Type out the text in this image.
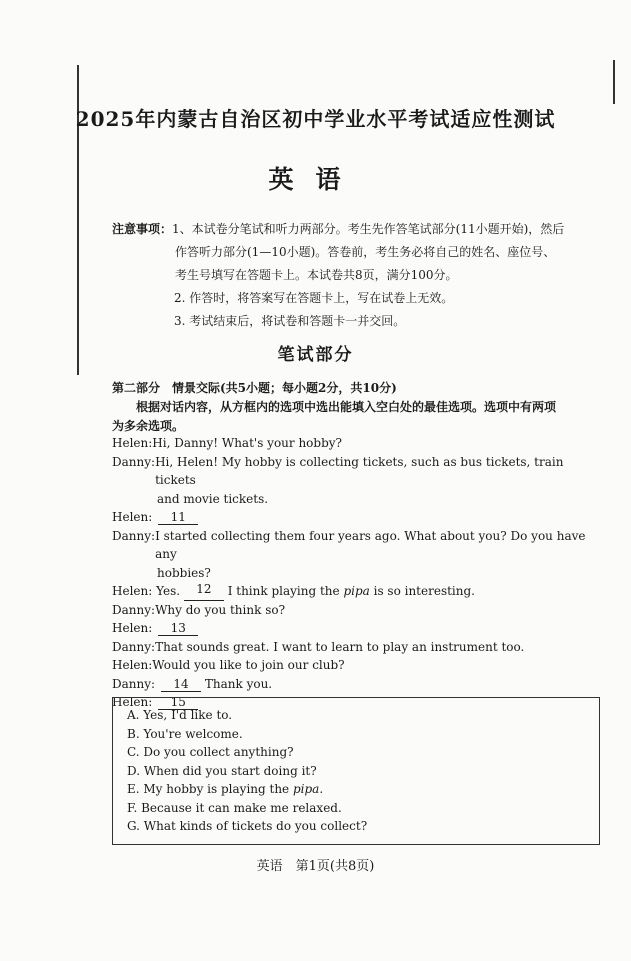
2025年内蒙古自治区初中学业水平考试适应性测试
英语
注意事项： 1、本试卷分笔试和听力两部分。考生先作答笔试部分(11小题开始)，然后
作答听力部分(1—10小题)。答卷前，考生务必将自己的姓名、座位号、
考生号填写在答题卡上。本试卷共8页，满分100分。
2. 作答时，将答案写在答题卡上，写在试卷上无效。
3. 考试结束后，将试卷和答题卡一并交回。
笔试部分
第二部分　情景交际(共5小题；每小题2分，共10分)
根据对话内容，从方框内的选项中选出能填入空白处的最佳选项。选项中有两项
为多余选项。
Helen: Hi, Danny! What's your hobby?
Danny: Hi, Helen! My hobby is collecting tickets, such as bus tickets, train tickets
and movie tickets.
Helen:	11
Danny: I started collecting them four years ago. What about you? Do you have any
hobbies?
Helen: Yes.	12	I think playing the pipa is so interesting.
Danny: Why do you think so?
Helen:	13
Danny: That sounds great. I want to learn to play an instrument too.
Helen: Would you like to join our club?
Danny:	14	Thank you.
Helen:	15
A. Yes, I'd like to.
B. You're welcome.
C. Do you collect anything?
D. When did you start doing it?
E. My hobby is playing the pipa.
F. Because it can make me relaxed.
G. What kinds of tickets do you collect?
英语　第1页(共8页)
